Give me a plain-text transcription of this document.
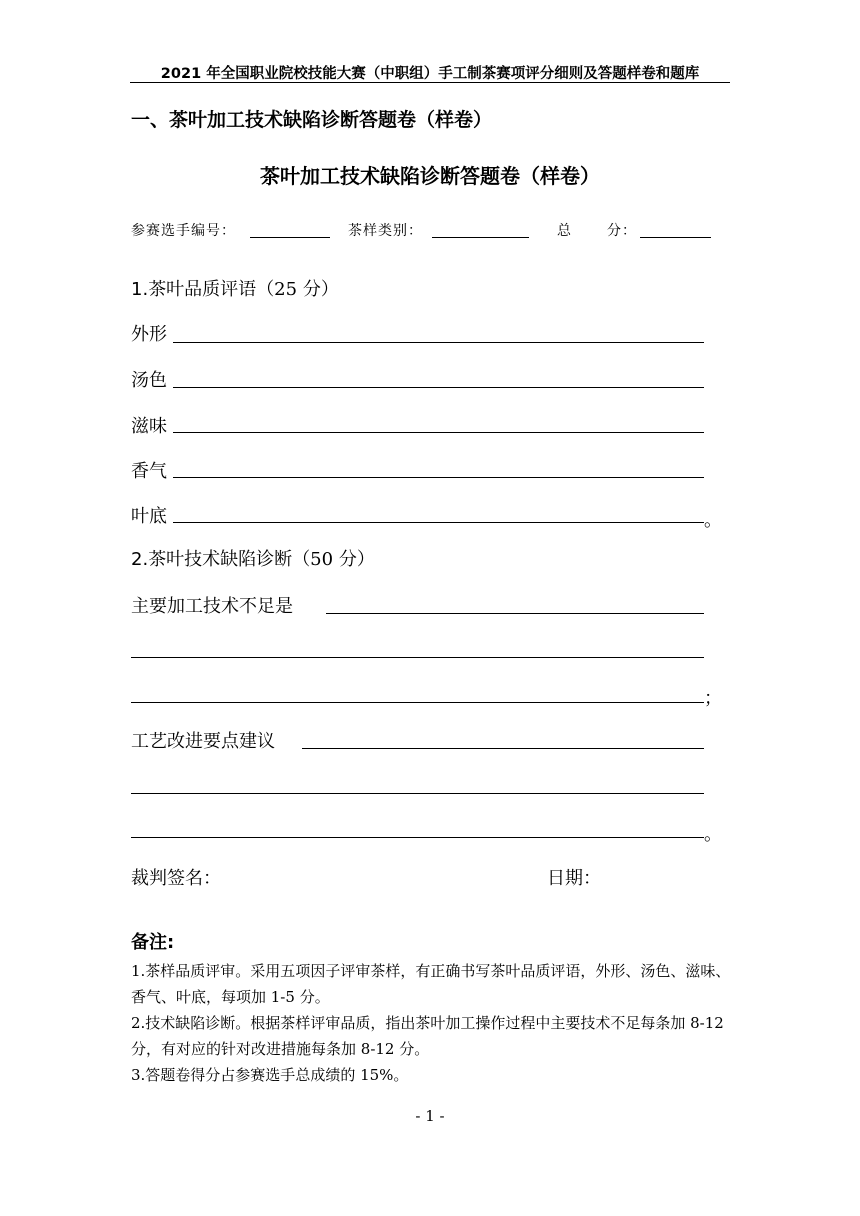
2021 年全国职业院校技能大赛（中职组）手工制茶赛项评分细则及答题样卷和题库
一、茶叶加工技术缺陷诊断答题卷（样卷）
茶叶加工技术缺陷诊断答题卷（样卷）
参赛选手编号：	茶样类别：	总	分：
1.茶叶品质评语（25 分）
外形
汤色
滋味
香气
叶底	。
2.茶叶技术缺陷诊断（50 分）
主要加工技术不足是
；
工艺改进要点建议
。
裁判签名：	日期：
备注:
1.茶样品质评审。采用五项因子评审茶样，有正确书写茶叶品质评语，外形、汤色、滋味、香气、叶底，每项加 1-5 分。
2.技术缺陷诊断。根据茶样评审品质，指出茶叶加工操作过程中主要技术不足每条加 8-12 分，有对应的针对改进措施每条加 8-12 分。
3.答题卷得分占参赛选手总成绩的 15%。
- 1 -
